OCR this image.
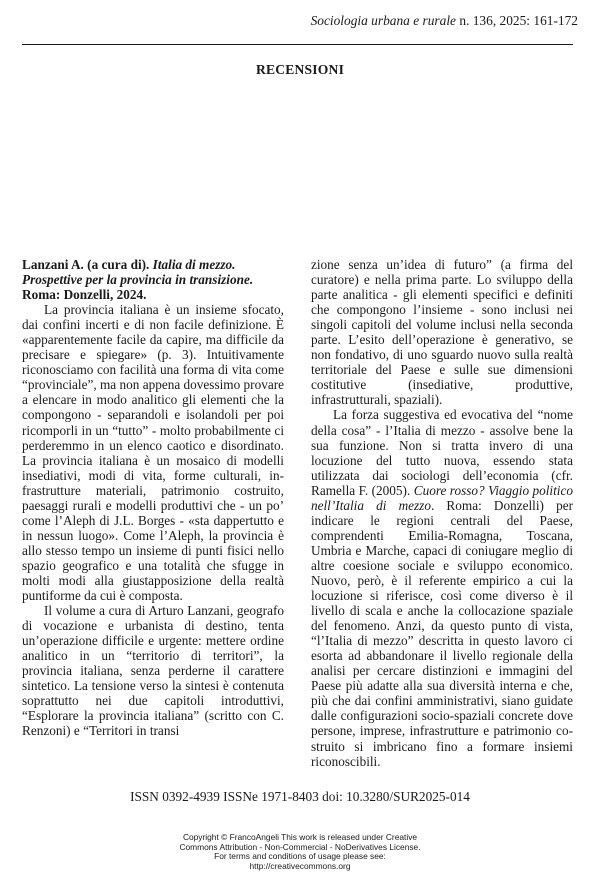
Sociologia urbana e rurale n. 136, 2025: 161-172
RECENSIONI

Lanzani A. (a cura di). Italia di mezzo. Prospettive per la provincia in transizione. Roma: Donzelli, 2024.

La provincia italiana è un insieme sfocato, dai confini incerti e di non facile definizione. È «apparentemente facile da capire, ma difficile da precisare e spiegare» (p. 3). Intuitivamente riconosciamo con facilità una forma di vita come “provinciale”, ma non appena dovessimo provare a elencare in modo analitico gli elementi che la compongono - separandoli e isolandoli per poi ricomporli in un “tutto” - molto probabilmente ci perderemmo in un elenco caotico e disordinato. La provincia italiana è un mosaico di modelli insediativi, modi di vita, forme culturali, infrastrutture materiali, patrimonio costruito, paesaggi rurali e modelli produttivi che - un po’ come l’Aleph di J.L. Borges - «sta dappertutto e in nessun luogo». Come l’Aleph, la provincia è allo stesso tempo un insieme di punti fisici nello spazio geografico e una totalità che sfugge in molti modi alla giustapposizione della realtà puntiforme da cui è composta.

Il volume a cura di Arturo Lanzani, geografo di vocazione e urbanista di destino, tenta un’operazione difficile e urgente: mettere ordine analitico in un “territorio di territori”, la provincia italiana, senza perderne il carattere sintetico. La tensione verso la sintesi è contenuta soprattutto nei due capitoli introduttivi, “Esplorare la provincia italiana” (scritto con C. Renzoni) e “Territori in transi

zione senza un’idea di futuro” (a firma del curatore) e nella prima parte. Lo sviluppo della parte analitica - gli elementi specifici e definiti che compongono l’insieme - sono inclusi nei singoli capitoli del volume inclusi nella seconda parte. L’esito dell’operazione è generativo, se non fondativo, di uno sguardo nuovo sulla realtà territoriale del Paese e sulle sue dimensioni costitutive (insediative, produttive, infrastrutturali, spaziali).

La forza suggestiva ed evocativa del “nome della cosa” - l’Italia di mezzo - assolve bene la sua funzione. Non si tratta invero di una locuzione del tutto nuova, essendo stata utilizzata dai sociologi dell’economia (cfr. Ramella F. (2005). Cuore rosso? Viaggio politico nell’Italia di mezzo. Roma: Donzelli) per indicare le regioni centrali del Paese, comprendenti Emilia-Romagna, Toscana, Umbria e Marche, capaci di coniugare meglio di altre coesione sociale e sviluppo economico. Nuovo, però, è il referente empirico a cui la locuzione si riferisce, così come diverso è il livello di scala e anche la collocazione spaziale del fenomeno. Anzi, da questo punto di vista, “l’Italia di mezzo” descritta in questo lavoro ci esorta ad abbandonare il livello regionale della analisi per cercare distinzioni e immagini del Paese più adatte alla sua diversità interna e che, più che dai confini amministrativi, siano guidate dalle configurazioni socio-spaziali concrete dove persone, imprese, infrastrutture e patrimonio costruito si imbricano fino a formare insiemi riconoscibili.

ISSN 0392-4939 ISSNe 1971-8403 doi: 10.3280/SUR2025-014
Copyright © FrancoAngeli This work is released under Creative
Commons Attribution - Non-Commercial - NoDerivatives License.
For terms and conditions of usage please see:
http://creativecommons.org
